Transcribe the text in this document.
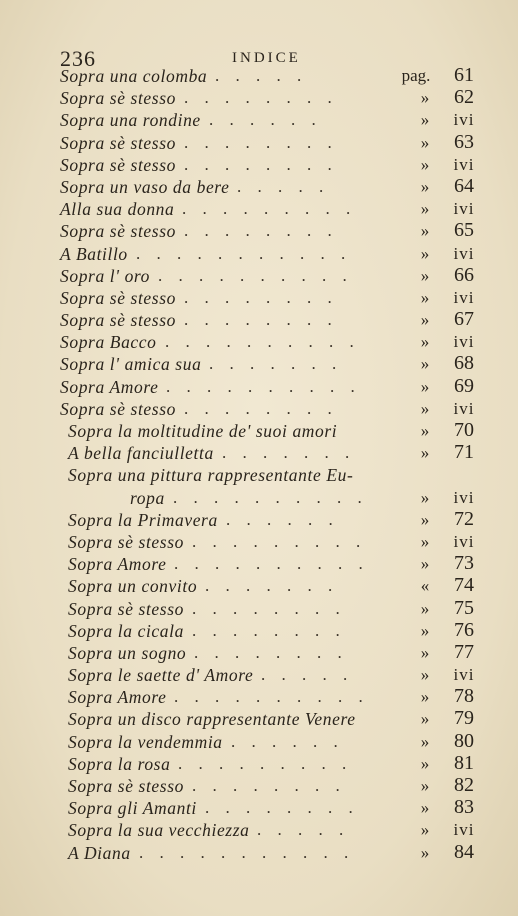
236	INDICE
Sopra una colomba . . . . .	pag.	61
Sopra sè stesso . . . . . . . .	»	62
Sopra una rondine . . . . . .	»	ivi
Sopra sè stesso . . . . . . . .	»	63
Sopra sè stesso . . . . . . . .	»	ivi
Sopra un vaso da bere . . . . .	»	64
Alla sua donna . . . . . . . . .	»	ivi
Sopra sè stesso . . . . . . . .	»	65
A Batillo . . . . . . . . . . .	»	ivi
Sopra l' oro . . . . . . . . . .	»	66
Sopra sè stesso . . . . . . . .	»	ivi
Sopra sè stesso . . . . . . . .	»	67
Sopra Bacco . . . . . . . . . .	»	ivi
Sopra l' amica sua . . . . . . .	»	68
Sopra Amore . . . . . . . . . .	»	69
Sopra sè stesso . . . . . . . .	»	ivi
Sopra la moltitudine de' suoi amori	»	70
A bella fanciulletta . . . . . . .	»	71
Sopra una pittura rappresentante Eu-
ropa . . . . . . . . . .	»	ivi
Sopra la Primavera . . . . . .	»	72
Sopra sè stesso . . . . . . . . .	»	ivi
Sopra Amore . . . . . . . . . .	»	73
Sopra un convito . . . . . . .	«	74
Sopra sè stesso . . . . . . . .	»	75
Sopra la cicala . . . . . . . .	»	76
Sopra un sogno . . . . . . . .	»	77
Sopra le saette d' Amore . . . . .	»	ivi
Sopra Amore . . . . . . . . . .	»	78
Sopra un disco rappresentante Venere	»	79
Sopra la vendemmia . . . . . .	»	80
Sopra la rosa . . . . . . . . .	»	81
Sopra sè stesso . . . . . . . .	»	82
Sopra gli Amanti . . . . . . . .	»	83
Sopra la sua vecchiezza . . . . .	»	ivi
A Diana . . . . . . . . . . .	»	84
